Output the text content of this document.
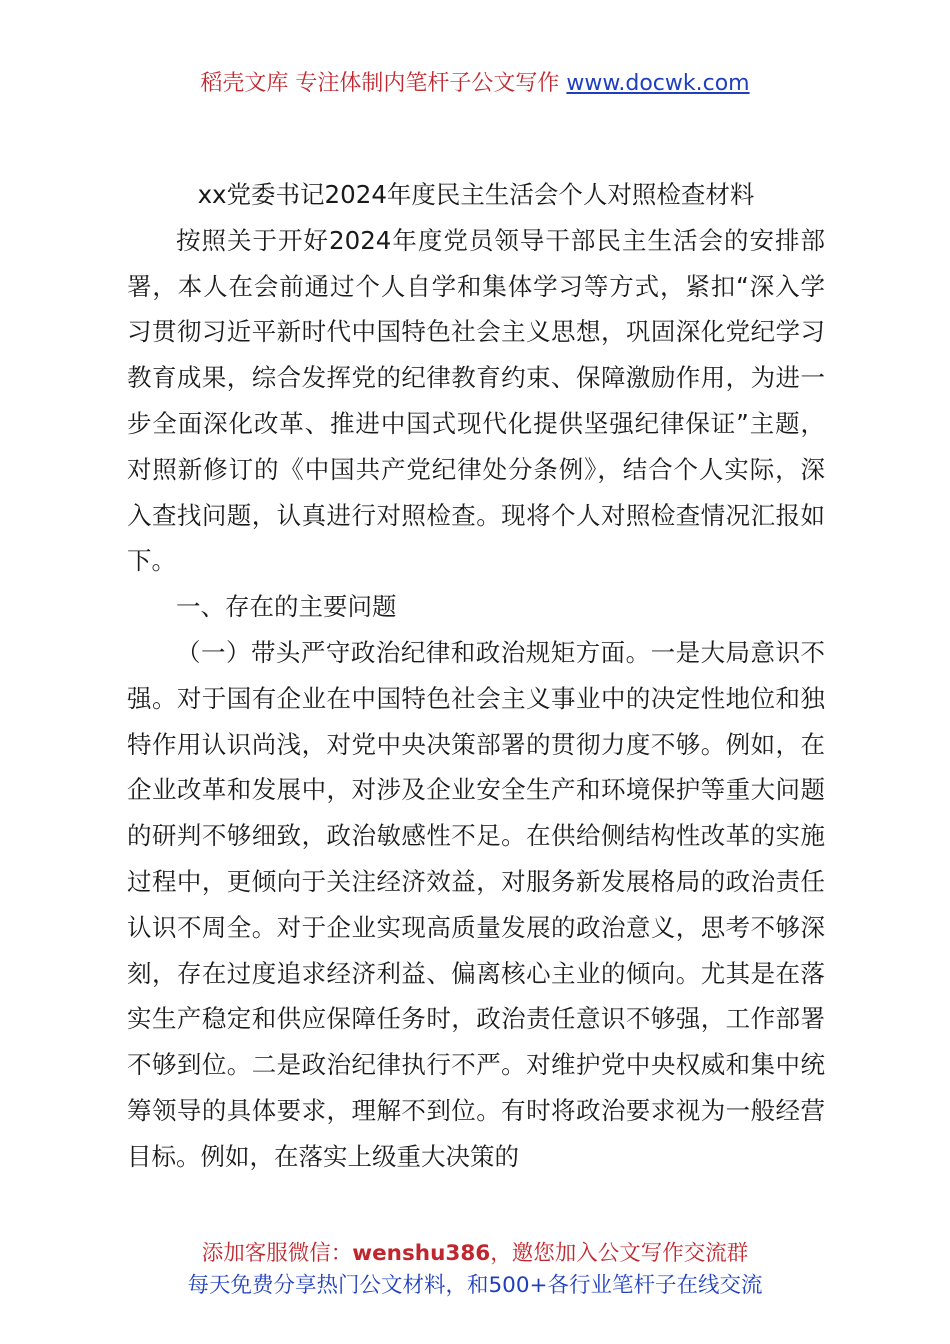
稻壳文库 专注体制内笔杆子公文写作 www.docwk.com
xx党委书记2024年度民主生活会个人对照检查材料

按照关于开好2024年度党员领导干部民主生活会的安排部署，本人在会前通过个人自学和集体学习等方式，紧扣“深入学习贯彻习近平新时代中国特色社会主义思想，巩固深化党纪学习教育成果，综合发挥党的纪律教育约束、保障激励作用，为进一步全面深化改革、推进中国式现代化提供坚强纪律保证”主题，对照新修订的《中国共产党纪律处分条例》，结合个人实际，深入查找问题，认真进行对照检查。现将个人对照检查情况汇报如下。

一、存在的主要问题

（一）带头严守政治纪律和政治规矩方面。一是大局意识不强。对于国有企业在中国特色社会主义事业中的决定性地位和独特作用认识尚浅，对党中央决策部署的贯彻力度不够。例如，在企业改革和发展中，对涉及企业安全生产和环境保护等重大问题的研判不够细致，政治敏感性不足。在供给侧结构性改革的实施过程中，更倾向于关注经济效益，对服务新发展格局的政治责任认识不周全。对于企业实现高质量发展的政治意义，思考不够深刻，存在过度追求经济利益、偏离核心主业的倾向。尤其是在落实生产稳定和供应保障任务时，政治责任意识不够强，工作部署不够到位。二是政治纪律执行不严。对维护党中央权威和集中统筹领导的具体要求，理解不到位。有时将政治要求视为一般经营目标。例如，在落实上级重大决策的

添加客服微信：wenshu386，邀您加入公文写作交流群
每天免费分享热门公文材料，和500+各行业笔杆子在线交流
